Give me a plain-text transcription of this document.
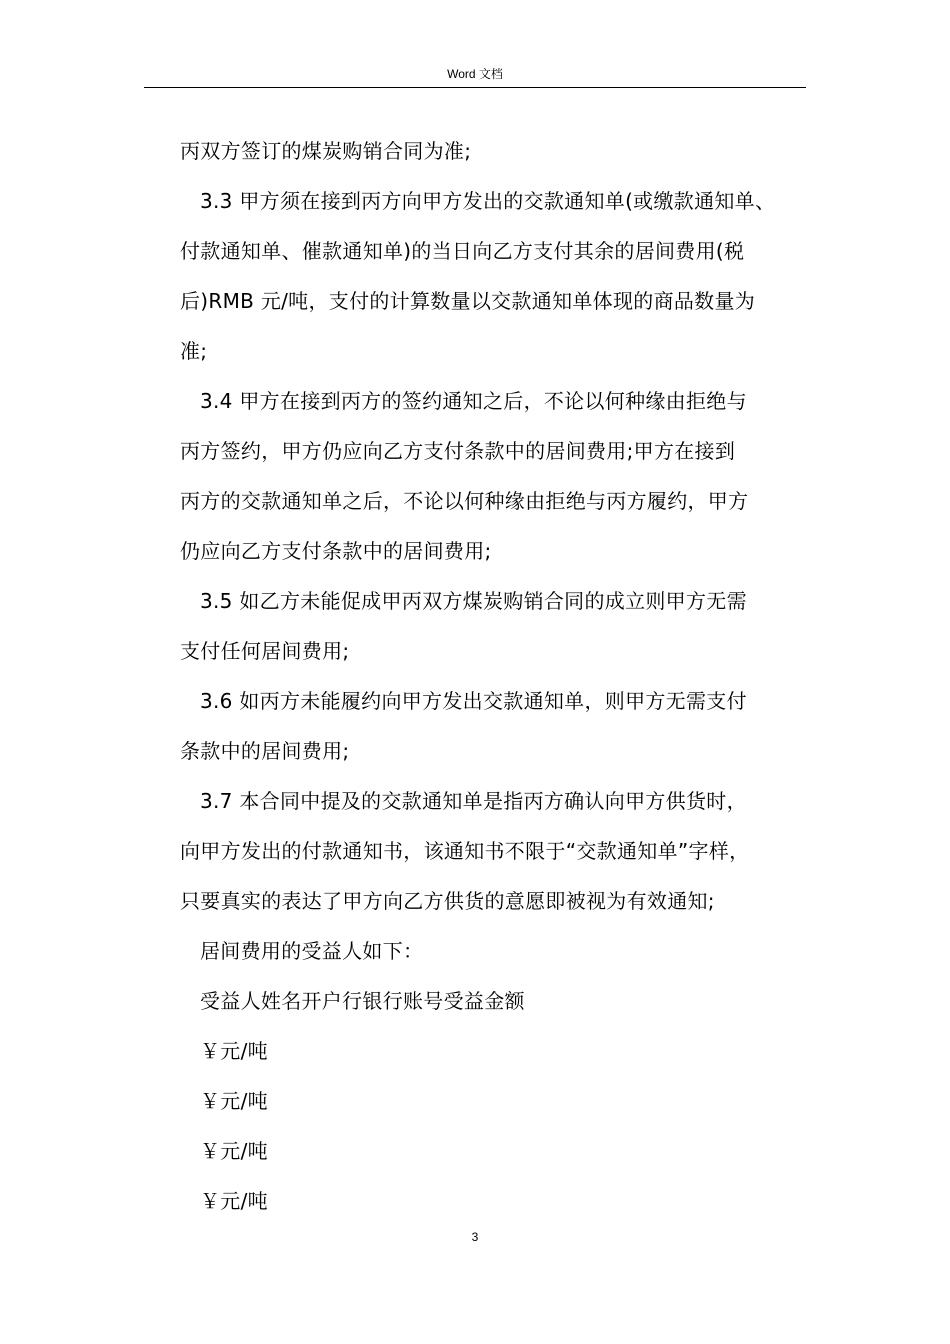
Word 文档
丙双方签订的煤炭购销合同为准;
3.3 甲方须在接到丙方向甲方发出的交款通知单(或缴款通知单、
付款通知单、催款通知单)的当日向乙方支付其余的居间费用(税
后)RMB 元/吨，支付的计算数量以交款通知单体现的商品数量为
准;
3.4 甲方在接到丙方的签约通知之后，不论以何种缘由拒绝与
丙方签约，甲方仍应向乙方支付条款中的居间费用;甲方在接到
丙方的交款通知单之后，不论以何种缘由拒绝与丙方履约，甲方
仍应向乙方支付条款中的居间费用;
3.5 如乙方未能促成甲丙双方煤炭购销合同的成立则甲方无需
支付任何居间费用;
3.6 如丙方未能履约向甲方发出交款通知单，则甲方无需支付
条款中的居间费用;
3.7 本合同中提及的交款通知单是指丙方确认向甲方供货时，
向甲方发出的付款通知书，该通知书不限于“交款通知单”字样，
只要真实的表达了甲方向乙方供货的意愿即被视为有效通知;
居间费用的受益人如下：
受益人姓名开户行银行账号受益金额
￥元/吨
￥元/吨
￥元/吨
￥元/吨
3
